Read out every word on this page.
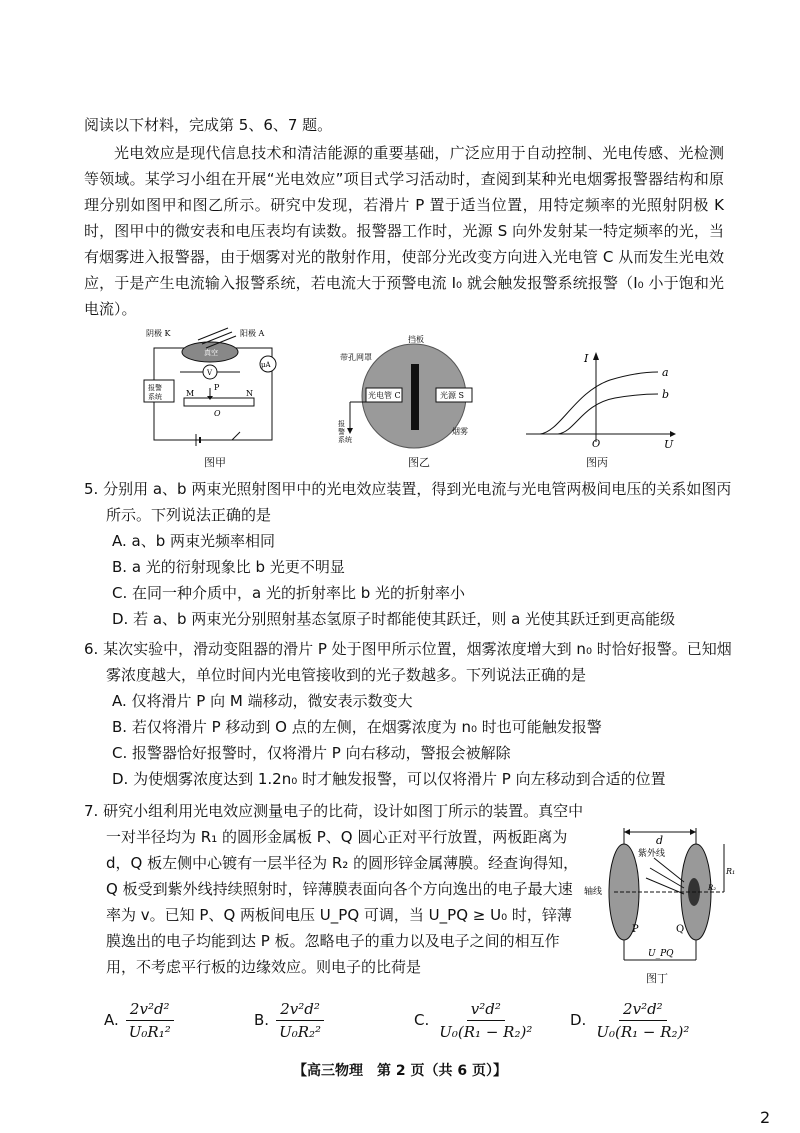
阅读以下材料，完成第 5、6、7 题。

光电效应是现代信息技术和清洁能源的重要基础，广泛应用于自动控制、光电传感、光检测等领域。某学习小组在开展“光电效应”项目式学习活动时，查阅到某种光电烟雾报警器结构和原理分别如图甲和图乙所示。研究中发现，若滑片 P 置于适当位置，用特定频率的光照射阴极 K 时，图甲中的微安表和电压表均有读数。报警器工作时，光源 S 向外发射某一特定频率的光，当有烟雾进入报警器，由于烟雾对光的散射作用，使部分光改变方向进入光电管 C 从而发生光电效应，于是产生电流输入报警系统，若电流大于预警电流 I₀ 就会触发报警系统报警（I₀ 小于饱和光电流）。

阴极 K	阳极 A
真空
μA
V
报警
系统	M	N
P
O
图甲
挡板
带孔网罩
光电管 C	光源 S
烟雾
报
警
系统
图乙
I
U
O
a
b
图丙

5. 分别用 a、b 两束光照射图甲中的光电效应装置，得到光电流与光电管两极间电压的关系如图丙所示。下列说法正确的是

A. a、b 两束光频率相同

B. a 光的衍射现象比 b 光更不明显

C. 在同一种介质中，a 光的折射率比 b 光的折射率小

D. 若 a、b 两束光分别照射基态氢原子时都能使其跃迁，则 a 光使其跃迁到更高能级

6. 某次实验中，滑动变阻器的滑片 P 处于图甲所示位置，烟雾浓度增大到 n₀ 时恰好报警。已知烟雾浓度越大，单位时间内光电管接收到的光子数越多。下列说法正确的是

A. 仅将滑片 P 向 M 端移动，微安表示数变大

B. 若仅将滑片 P 移动到 O 点的左侧，在烟雾浓度为 n₀ 时也可能触发报警

C. 报警器恰好报警时，仅将滑片 P 向右移动，警报会被解除

D. 为使烟雾浓度达到 1.2n₀ 时才触发报警，可以仅将滑片 P 向左移动到合适的位置

7. 研究小组利用光电效应测量电子的比荷，设计如图丁所示的装置。真空中一对半径均为 R₁ 的圆形金属板 P、Q 圆心正对平行放置，两板距离为 d，Q 板左侧中心镀有一层半径为 R₂ 的圆形锌金属薄膜。经查询得知，Q 板受到紫外线持续照射时，锌薄膜表面向各个方向逸出的电子最大速率为 v。已知 P、Q 两板间电压 U_PQ 可调，当 U_PQ ≥ U₀ 时，锌薄膜逸出的电子均能到达 P 板。忽略电子的重力以及电子之间的相互作用，不考虑平行板的边缘效应。则电子的比荷是

d
紫外线
轴线
R₁
R₂
P	Q
U_PQ
图丁
A. $\frac{\text{2v²d²}}{\text{U₀R₁²}}$	B. $\frac{\text{2v²d²}}{\text{U₀R₂²}}$	C. $\frac{\text{v²d²}}{\text{U₀(R₁ − R₂)²}} D$. $\frac{\text{2v²d²}}{\text{U₀(R₁ − R₂)²}}$
【高三物理　第 2 页（共 6 页）】
2
